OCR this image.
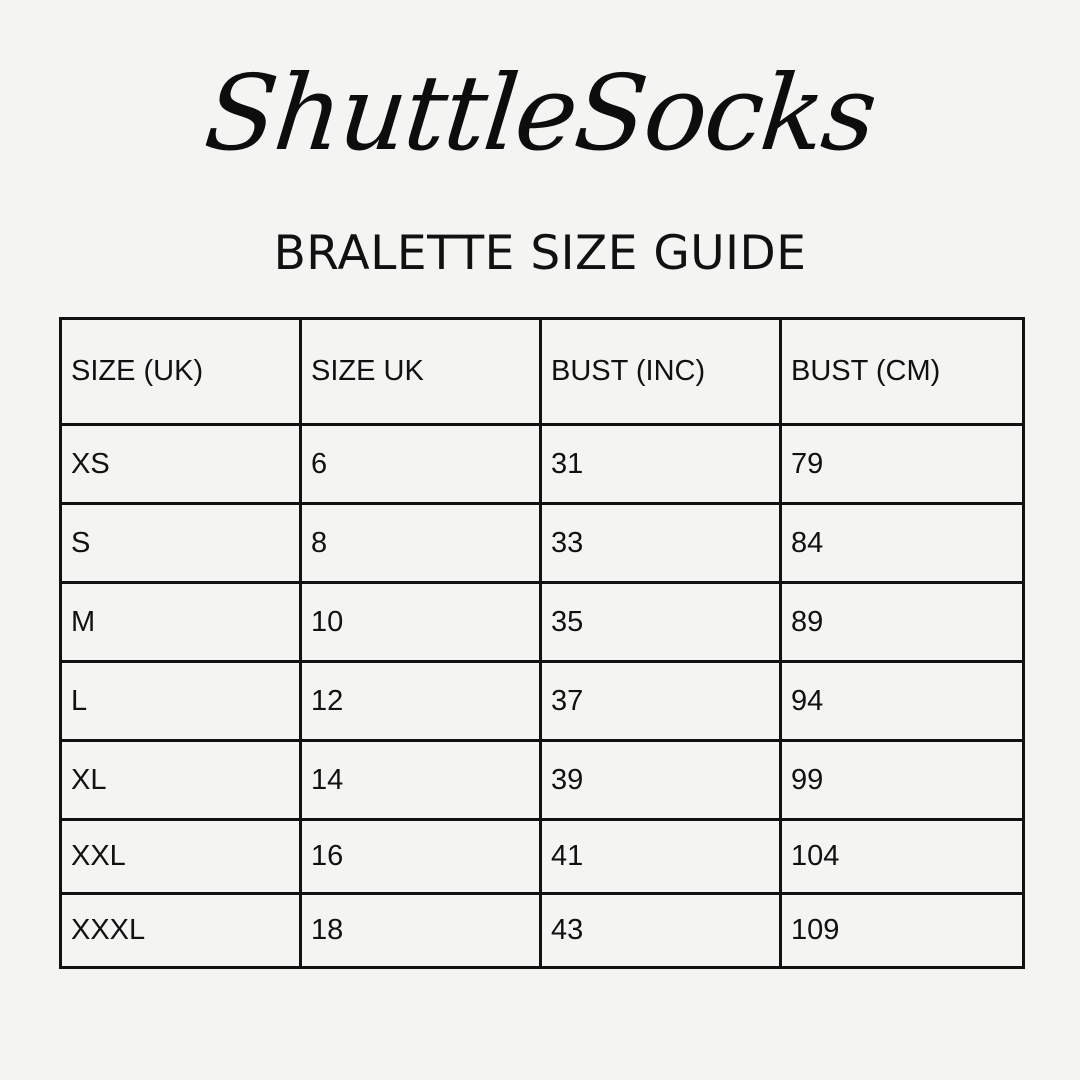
ShuttleSocks
BRALETTE SIZE GUIDE
SIZE (UK)	SIZE UK	BUST (INC)	BUST (CM)
XS	6	31	79
S	8	33	84
M	10	35	89
L	12	37	94
XL	14	39	99
XXL	16	41	104
XXXL	18	43	109
